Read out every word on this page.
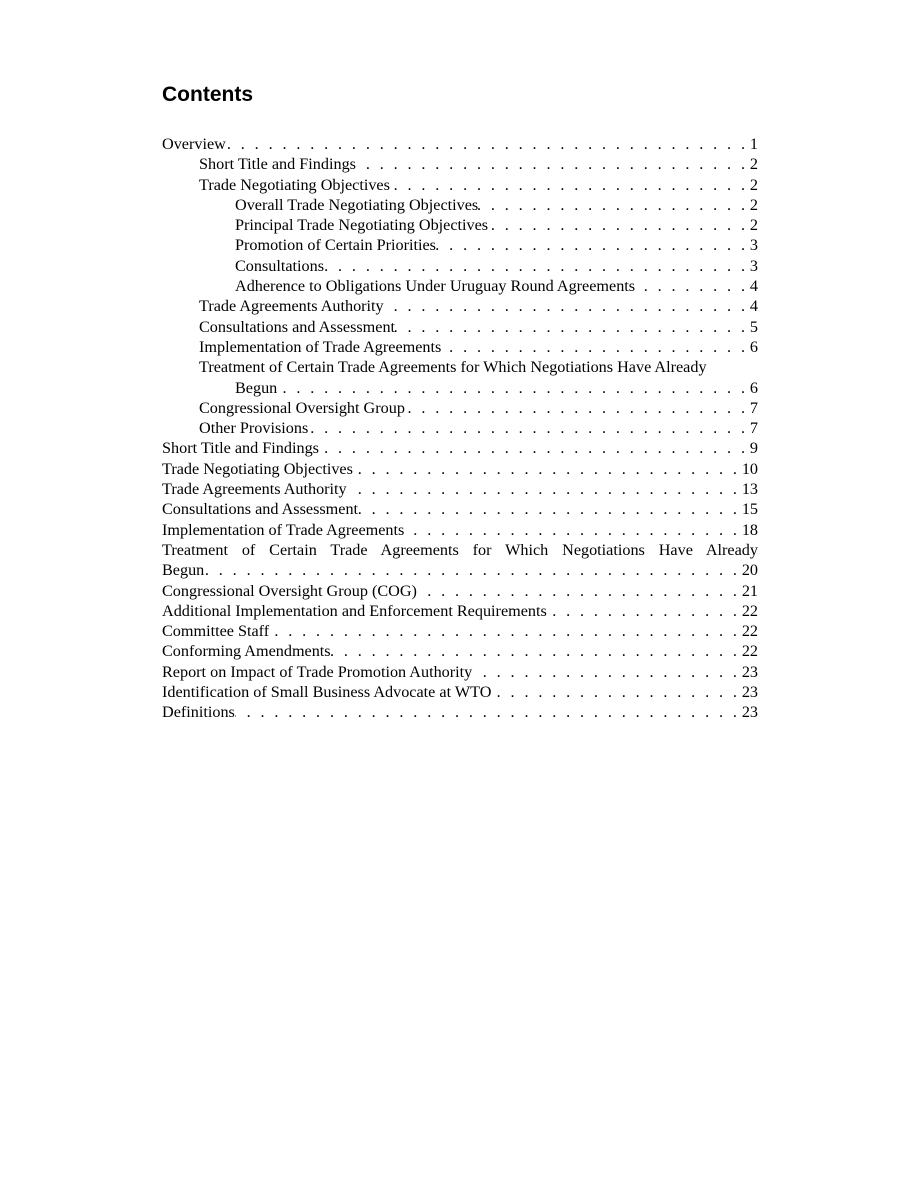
Contents
Overview . . .	1
Short Title and Findings . . .	2
Trade Negotiating Objectives . . .	2
Overall Trade Negotiating Objectives . . .	2
Principal Trade Negotiating Objectives . . .	2
Promotion of Certain Priorities . . .	3
Consultations . . .	3
Adherence to Obligations Under Uruguay Round Agreements . . .	4
Trade Agreements Authority . . .	4
Consultations and Assessment . . .	5
Implementation of Trade Agreements . . .	6
Treatment of Certain Trade Agreements for Which Negotiations Have Already
Begun . . .	6
Congressional Oversight Group . . .	7
Other Provisions . . .	7
Short Title and Findings . . .	9
Trade Negotiating Objectives . . .	10
Trade Agreements Authority . . .	13
Consultations and Assessment . . .	15
Implementation of Trade Agreements . . .	18
Treatment of Certain Trade Agreements for Which Negotiations Have Already
Begun . . .	20
Congressional Oversight Group (COG) . . .	21
Additional Implementation and Enforcement Requirements . . .	22
Committee Staff . . .	22
Conforming Amendments . . .	22
Report on Impact of Trade Promotion Authority . . .	23
Identification of Small Business Advocate at WTO . . .	23
Definitions . . .	23
